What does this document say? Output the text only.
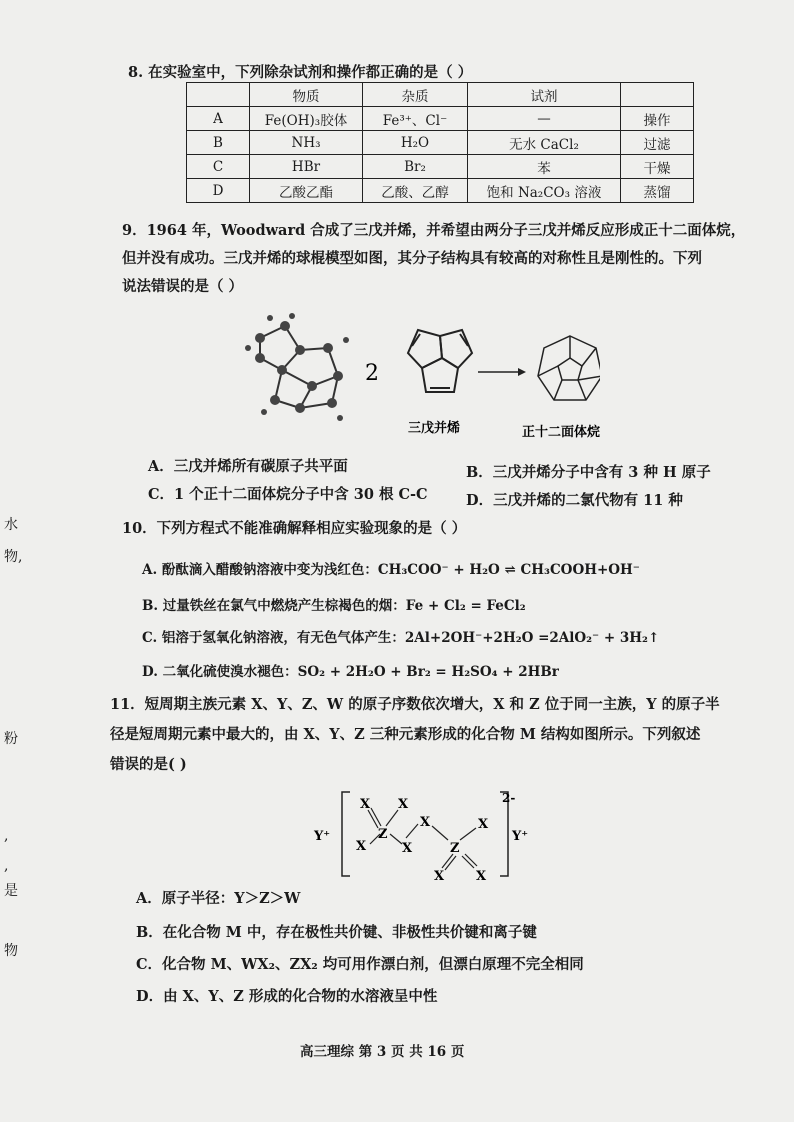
8. 在实验室中，下列除杂试剂和操作都正确的是（ ）
	物质	杂质	试剂	
A	Fe(OH)₃胶体	Fe³⁺、Cl⁻	—	操作
B	NH₃	H₂O	无水 CaCl₂	过滤
C	HBr	Br₂	苯	干燥
D	乙酸乙酯	乙酸、乙醇	饱和 Na₂CO₃ 溶液	蒸馏
9．1964 年，Woodward 合成了三戊并烯，并希望由两分子三戊并烯反应形成正十二面体烷，
但并没有成功。三戊并烯的球棍模型如图，其分子结构具有较高的对称性且是刚性的。下列
说法错误的是（ ）
2
三戊并烯	正十二面体烷
A．三戊并烯所有碳原子共平面	B．三戊并烯分子中含有 3 种 H 原子
C．1 个正十二面体烷分子中含 30 根 C-C	D．三戊并烯的二氯代物有 11 种
10．下列方程式不能准确解释相应实验现象的是（ ）
A. 酚酞滴入醋酸钠溶液中变为浅红色：CH₃COO⁻ + H₂O ⇌ CH₃COOH+OH⁻
B. 过量铁丝在氯气中燃烧产生棕褐色的烟：Fe + Cl₂ = FeCl₂
C. 铝溶于氢氧化钠溶液，有无色气体产生：2Al+2OH⁻+2H₂O =2AlO₂⁻ + 3H₂↑
D. 二氧化硫使溴水褪色：SO₂ + 2H₂O + Br₂ = H₂SO₄ + 2HBr
11．短周期主族元素 X、Y、Z、W 的原子序数依次增大，X 和 Z 位于同一主族，Y 的原子半
径是短周期元素中最大的，由 X、Y、Z 三种元素形成的化合物 M 结构如图所示。下列叙述
错误的是( )
X X
Z
X	X
X
Z
X
X X
Y⁺	Y⁺
2-
A．原子半径：Y＞Z＞W
B．在化合物 M 中，存在极性共价键、非极性共价键和离子键
C．化合物 M、WX₂、ZX₂ 均可用作漂白剂，但漂白原理不完全相同
D．由 X、Y、Z 形成的化合物的水溶液呈中性
水
物,
粉
,
,
是
物
高三理综 第 3 页 共 16 页
